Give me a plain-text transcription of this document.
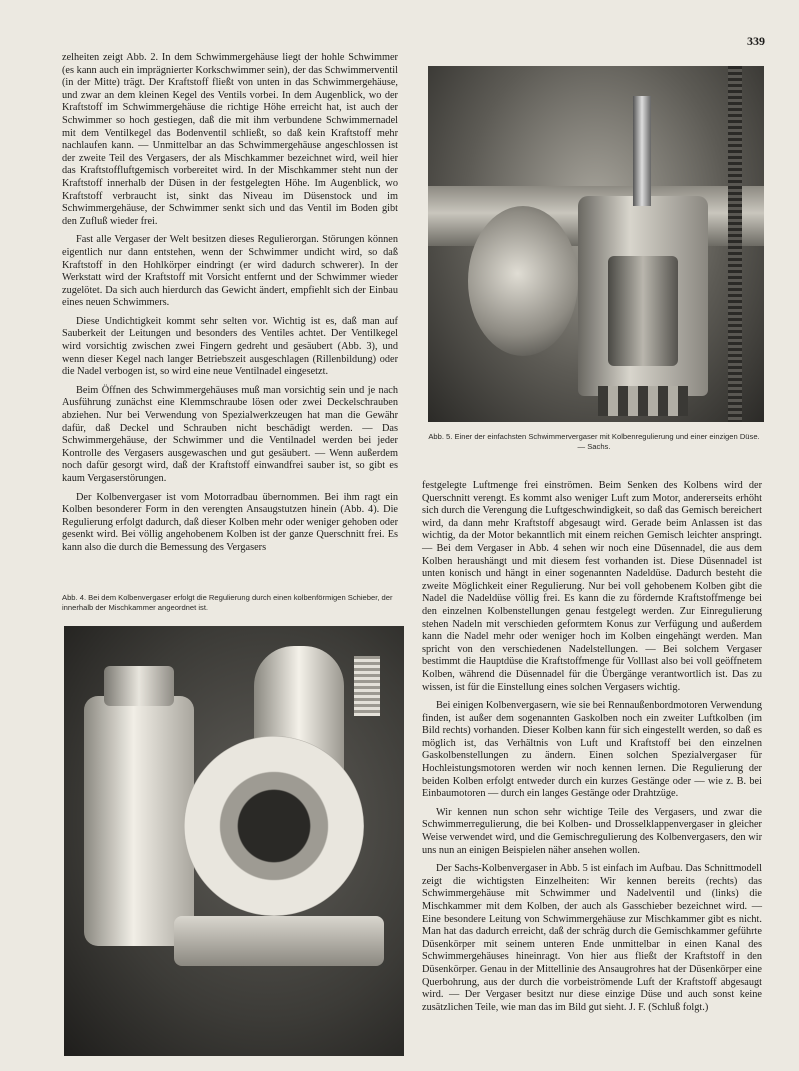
339
Abb. 5. Einer der einfachsten Schwimmervergaser mit Kolbenregulierung und einer einzigen Düse. — Sachs.

zelheiten zeigt Abb. 2. In dem Schwimmergehäuse liegt der hohle Schwimmer (es kann auch ein imprägnierter Korkschwimmer sein), der das Schwimmerventil (in der Mitte) trägt. Der Kraftstoff fließt von unten in das Schwimmergehäuse, und zwar an dem kleinen Kegel des Ventils vorbei. In dem Augenblick, wo der Kraftstoff im Schwimmergehäuse die richtige Höhe erreicht hat, ist auch der Schwimmer so hoch gestiegen, daß die mit ihm verbundene Schwimmernadel mit dem Ventilkegel das Bodenventil schließt, so daß kein Kraftstoff mehr nachlaufen kann. — Unmittelbar an das Schwimmergehäuse angeschlossen ist der zweite Teil des Vergasers, der als Mischkammer bezeichnet wird, weil hier das Kraftstoffluftgemisch vorbereitet wird. In der Mischkammer steht nun der Kraftstoff innerhalb der Düsen in der festgelegten Höhe. Im Augenblick, wo Kraftstoff verbraucht ist, sinkt das Niveau im Düsenstock und im Schwimmergehäuse, der Schwimmer senkt sich und das Ventil im Boden gibt den Zufluß wieder frei.

Fast alle Vergaser der Welt besitzen dieses Regulierorgan. Störungen können eigentlich nur dann entstehen, wenn der Schwimmer undicht wird, so daß Kraftstoff in den Hohlkörper eindringt (er wird dadurch schwerer). In der Werkstatt wird der Kraftstoff mit Vorsicht entfernt und der Schwimmer wieder zugelötet. Da sich auch hierdurch das Gewicht ändert, empfiehlt sich der Einbau eines neuen Schwimmers.

Diese Undichtigkeit kommt sehr selten vor. Wichtig ist es, daß man auf Sauberkeit der Leitungen und besonders des Ventiles achtet. Der Ventilkegel wird vorsichtig zwischen zwei Fingern gedreht und gesäubert (Abb. 3), und wenn dieser Kegel nach langer Betriebszeit ausgeschlagen (Rillenbildung) oder die Nadel verbogen ist, so wird eine neue Ventilnadel eingesetzt.

Beim Öffnen des Schwimmergehäuses muß man vorsichtig sein und je nach Ausführung zunächst eine Klemmschraube lösen oder zwei Deckelschrauben abziehen. Nur bei Verwendung von Spezialwerkzeugen hat man die Gewähr dafür, daß Deckel und Schrauben nicht beschädigt werden. — Das Schwimmergehäuse, der Schwimmer und die Ventilnadel werden bei jeder Kontrolle des Vergasers ausgewaschen und gut gesäubert. — Wenn außerdem noch dafür gesorgt wird, daß der Kraftstoff einwandfrei sauber ist, so gibt es kaum Vergaserstörungen.

Der Kolbenvergaser ist vom Motorradbau übernommen. Bei ihm ragt ein Kolben besonderer Form in den verengten Ansaugstutzen hinein (Abb. 4). Die Regulierung erfolgt dadurch, daß dieser Kolben mehr oder weniger gehoben oder gesenkt wird. Bei völlig angehobenem Kolben ist der ganze Querschnitt frei. Es kann also die durch die Bemessung des Vergasers

Abb. 4. Bei dem Kolbenvergaser erfolgt die Regulierung durch einen kolbenförmigen Schieber, der innerhalb der Mischkammer angeordnet ist.

festgelegte Luftmenge frei einströmen. Beim Senken des Kolbens wird der Querschnitt verengt. Es kommt also weniger Luft zum Motor, andererseits erhöht sich durch die Verengung die Luftgeschwindigkeit, so daß das Gemisch bereichert wird, da dann mehr Kraftstoff abgesaugt wird. Gerade beim Anlassen ist das wichtig, da der Motor bekanntlich mit einem reichen Gemisch leichter anspringt. — Bei dem Vergaser in Abb. 4 sehen wir noch eine Düsennadel, die aus dem Kolben heraushängt und mit diesem fest vorhanden ist. Diese Düsennadel ist unten konisch und hängt in einer sogenannten Nadeldüse. Dadurch besteht die zweite Möglichkeit einer Regulierung. Nur bei voll gehobenem Kolben gibt die Nadel die Nadeldüse völlig frei. Es kann die zu fördernde Kraftstoffmenge bei den einzelnen Kolbenstellungen genau festgelegt werden. Zur Einregulierung stehen Nadeln mit verschieden geformtem Konus zur Verfügung und außerdem kann die Nadel mehr oder weniger hoch im Kolben eingehängt werden. Man spricht von den verschiedenen Nadelstellungen. — Bei solchem Vergaser bestimmt die Hauptdüse die Kraftstoffmenge für Volllast also bei voll geöffnetem Kolben, während die Düsennadel für die Übergänge verantwortlich ist. Das zu wissen, ist für die Einstellung eines solchen Vergasers wichtig.

Bei einigen Kolbenvergasern, wie sie bei Rennaußenbordmotoren Verwendung finden, ist außer dem sogenannten Gaskolben noch ein zweiter Luftkolben (im Bild rechts) vorhanden. Dieser Kolben kann für sich eingestellt werden, so daß es möglich ist, das Verhältnis von Luft und Kraftstoff bei den einzelnen Gaskolbenstellungen zu ändern. Einen solchen Spezialvergaser für Hochleistungsmotoren werden wir noch kennen lernen. Die Regulierung der beiden Kolben erfolgt entweder durch ein kurzes Gestänge oder — wie z. B. bei Einbaumotoren — durch ein langes Gestänge oder Drahtzüge.

Wir kennen nun schon sehr wichtige Teile des Vergasers, und zwar die Schwimmerregulierung, die bei Kolben- und Drosselklappenvergaser in gleicher Weise verwendet wird, und die Gemischregulierung des Kolbenvergasers, den wir uns nun an einigen Beispielen näher ansehen wollen.

Der Sachs-Kolbenvergaser in Abb. 5 ist einfach im Aufbau. Das Schnittmodell zeigt die wichtigsten Einzelheiten: Wir kennen bereits (rechts) das Schwimmergehäuse mit Schwimmer und Nadelventil und (links) die Mischkammer mit dem Kolben, der auch als Gasschieber bezeichnet wird. — Eine besondere Leitung von Schwimmergehäuse zur Mischkammer gibt es nicht. Man hat das dadurch erreicht, daß der schräg durch die Gemischkammer geführte Düsenkörper mit seinem unteren Ende unmittelbar in einen Kanal des Schwimmergehäuses hineinragt. Von hier aus fließt der Kraftstoff in den Düsenkörper. Genau in der Mittellinie des Ansaugrohres hat der Düsenkörper eine Querbohrung, aus der durch die vorbeiströmende Luft der Kraftstoff abgesaugt wird. — Der Vergaser besitzt nur diese einzige Düse und auch sonst keine zusätzlichen Teile, wie man das im Bild gut sieht. J. F. (Schluß folgt.)
